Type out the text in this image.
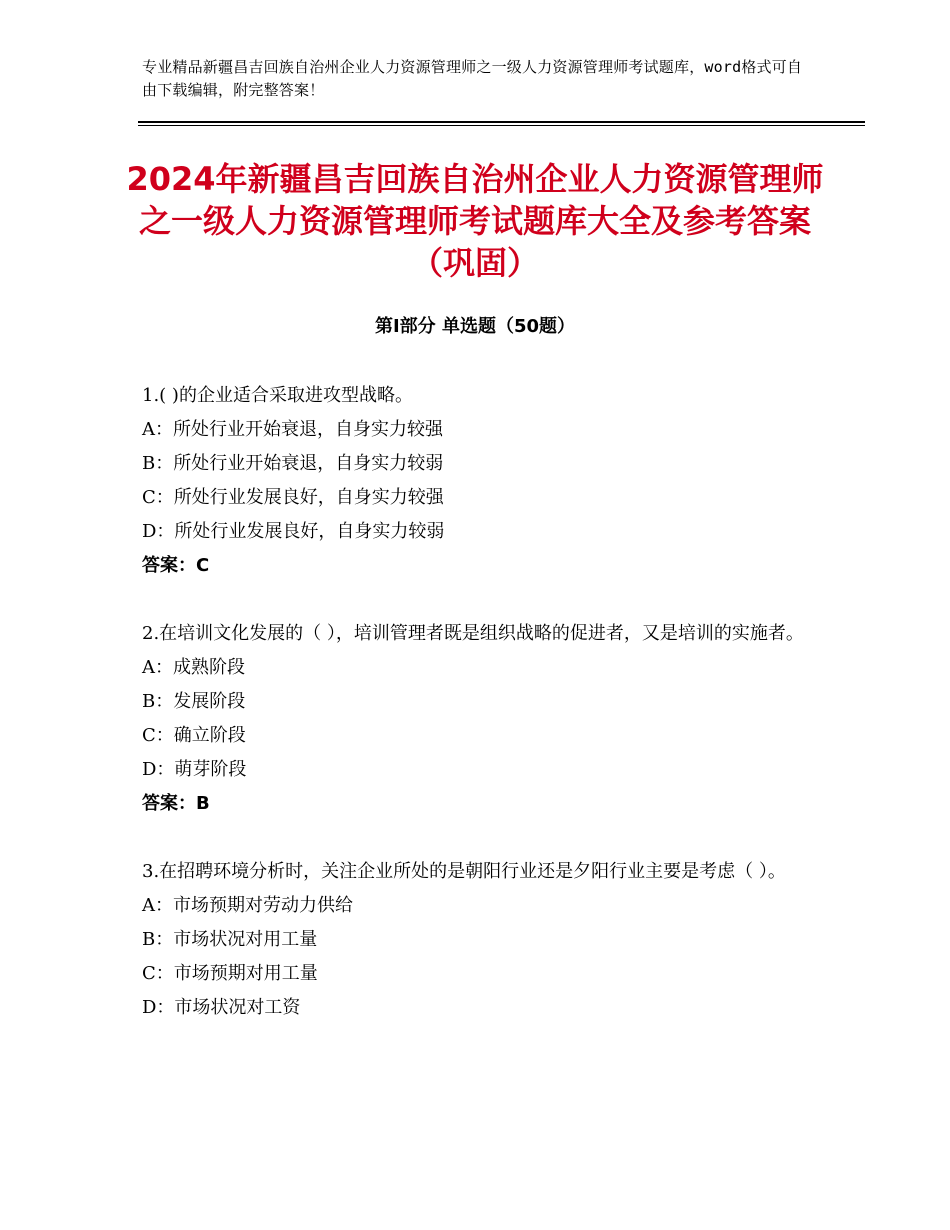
专业精品新疆昌吉回族自治州企业人力资源管理师之一级人力资源管理师考试题库，word格式可自由下载编辑，附完整答案！
2024年新疆昌吉回族自治州企业人力资源管理师之一级人力资源管理师考试题库大全及参考答案（巩固）
第Ⅰ部分 单选题（50题）
1.( )的企业适合采取进攻型战略。
A：所处行业开始衰退，自身实力较强
B：所处行业开始衰退，自身实力较弱
C：所处行业发展良好，自身实力较强
D：所处行业发展良好，自身实力较弱
答案：C
2.在培训文化发展的（ ），培训管理者既是组织战略的促进者，又是培训的实施者。
A：成熟阶段
B：发展阶段
C：确立阶段
D：萌芽阶段
答案：B
3.在招聘环境分析时，关注企业所处的是朝阳行业还是夕阳行业主要是考虑（ ）。
A：市场预期对劳动力供给
B：市场状况对用工量
C：市场预期对用工量
D：市场状况对工资
